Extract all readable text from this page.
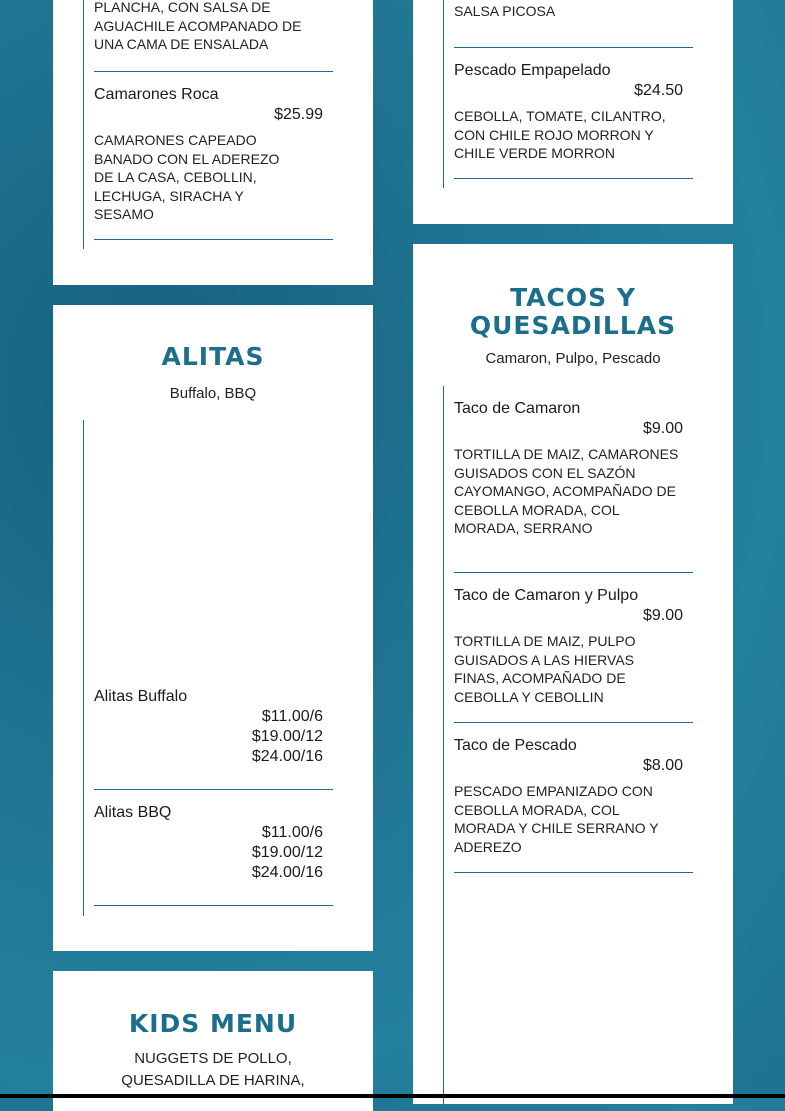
PLANCHA, CON SALSA DE AGUACHILE ACOMPANADO DE UNA CAMA DE ENSALADA
Camarones Roca
$25.99
CAMARONES CAPEADO BANADO CON EL ADEREZO DE LA CASA, CEBOLLIN, LECHUGA, SIRACHA Y SESAMO
SALSA PICOSA
Pescado Empapelado
$24.50
CEBOLLA, TOMATE, CILANTRO, CON CHILE ROJO MORRON Y CHILE VERDE MORRON
ALITAS
Buffalo, BBQ
Alitas Buffalo
$11.00/6
$19.00/12
$24.00/16
Alitas BBQ
$11.00/6
$19.00/12
$24.00/16
TACOS Y
QUESADILLAS
Camaron, Pulpo, Pescado
Taco de Camaron
$9.00
TORTILLA DE MAIZ, CAMARONES GUISADOS CON EL SAZÓN CAYOMANGO, ACOMPAÑADO DE CEBOLLA MORADA, COL MORADA, SERRANO
Taco de Camaron y Pulpo
$9.00
TORTILLA DE MAIZ, PULPO GUISADOS A LAS HIERVAS FINAS, ACOMPAÑADO DE CEBOLLA Y CEBOLLIN
Taco de Pescado
$8.00
PESCADO EMPANIZADO CON CEBOLLA MORADA, COL MORADA Y CHILE SERRANO Y ADEREZO
KIDS MENU
NUGGETS DE POLLO,
QUESADILLA DE HARINA,
